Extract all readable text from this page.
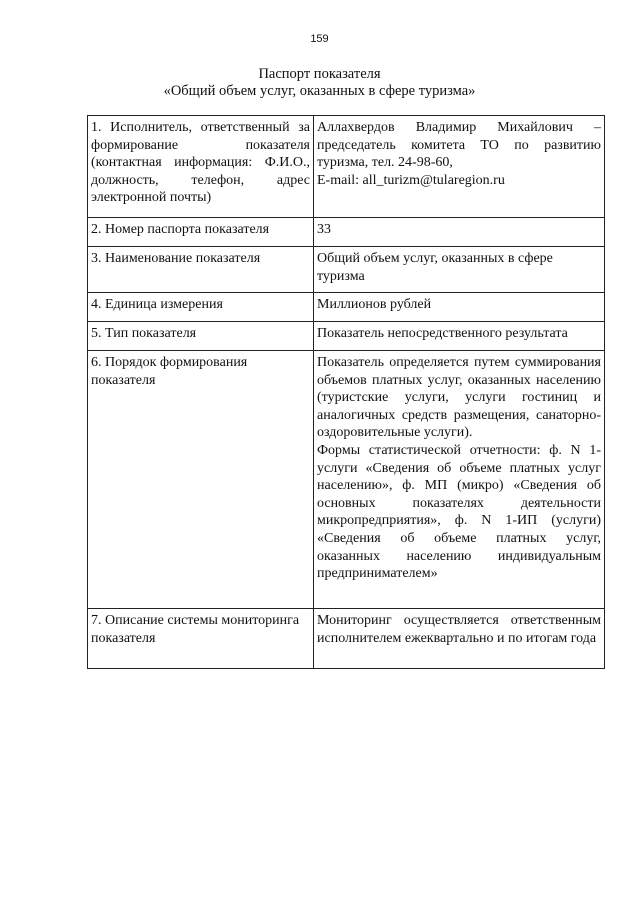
159
Паспорт показателя
«Общий объем услуг, оказанных в сфере туризма»
1. Исполнитель, ответственный за формирование показателя (контактная информация: Ф.И.О., должность, телефон, адрес электронной почты)	Аллахвердов Владимир Михайлович – председатель комитета ТО по развитию туризма, тел. 24-98-60,
E-mail: all_turizm@tularegion.ru

2. Номер паспорта показателя	33

3. Наименование показателя	Общий объем услуг, оказанных в сфере туризма

4. Единица измерения	Миллионов рублей

5. Тип показателя	Показатель непосредственного результата

6. Порядок формирования показателя	Показатель определяется путем суммирования объемов платных услуг, оказанных населению (туристские услуги, услуги гостиниц и аналогичных средств размещения, санаторно-оздоровительные услуги).
Формы статистической отчетности: ф. N 1-услуги «Сведения об объеме платных услуг населению», ф. МП (микро) «Сведения об основных показателях деятельности микропредприятия», ф. N 1-ИП (услуги) «Сведения об объеме платных услуг, оказанных населению индивидуальным предпринимателем»

7. Описание системы мониторинга показателя	Мониторинг осуществляется ответственным исполнителем ежеквартально и по итогам года
